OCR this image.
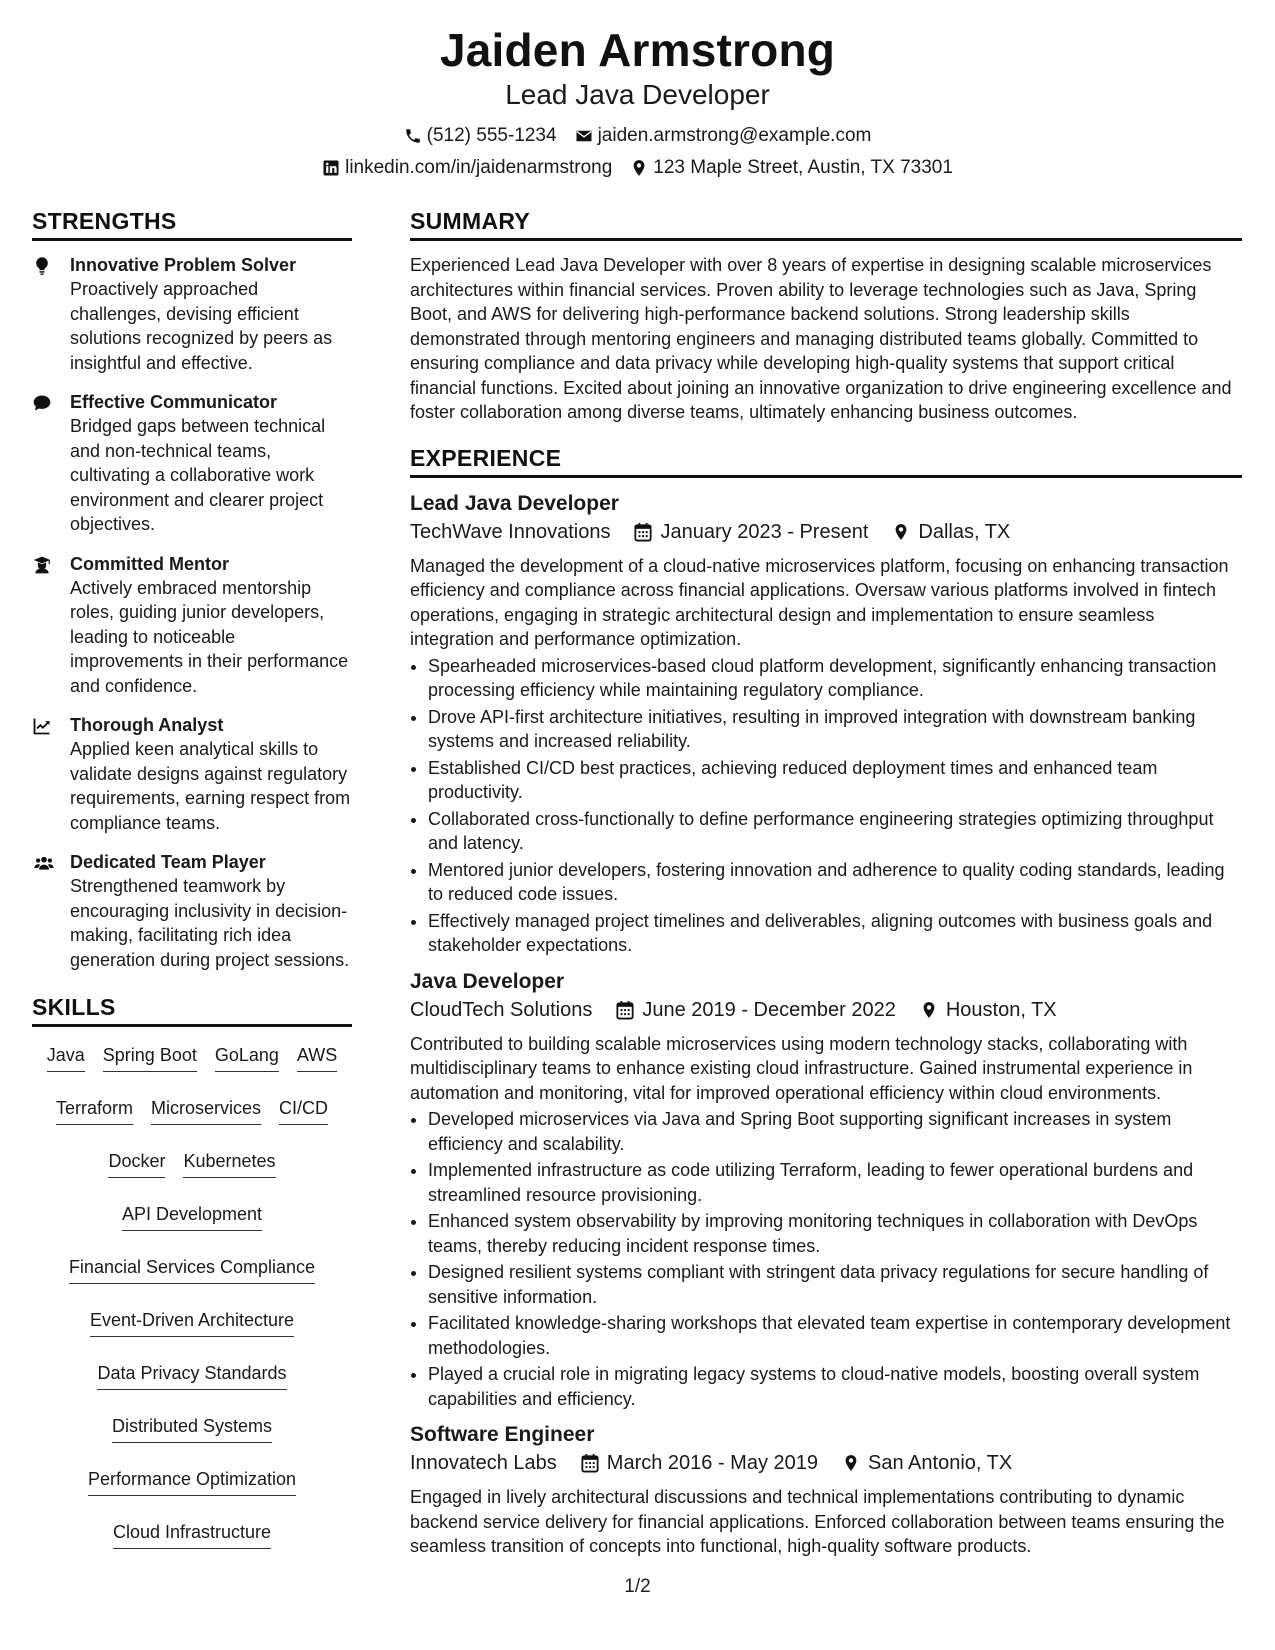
Jaiden Armstrong
Lead Java Developer
(512) 555-1234 jaiden.armstrong@example.com
linkedin.com/in/jaidenarmstrong 123 Maple Street, Austin, TX 73301
STRENGTHS
Innovative Problem Solver
Proactively approached challenges, devising efficient solutions recognized by peers as insightful and effective.
Effective Communicator
Bridged gaps between technical and non-technical teams, cultivating a collaborative work environment and clearer project objectives.
Committed Mentor
Actively embraced mentorship roles, guiding junior developers, leading to noticeable improvements in their performance and confidence.
Thorough Analyst
Applied keen analytical skills to validate designs against regulatory requirements, earning respect from compliance teams.
Dedicated Team Player
Strengthened teamwork by encouraging inclusivity in decision-making, facilitating rich idea generation during project sessions.
SKILLS
Java Spring Boot GoLang AWS
Terraform Microservices CI/CD
Docker Kubernetes
API Development
Financial Services Compliance
Event-Driven Architecture
Data Privacy Standards
Distributed Systems
Performance Optimization
Cloud Infrastructure
SUMMARY
Experienced Lead Java Developer with over 8 years of expertise in designing scalable microservices architectures within financial services. Proven ability to leverage technologies such as Java, Spring Boot, and AWS for delivering high-performance backend solutions. Strong leadership skills demonstrated through mentoring engineers and managing distributed teams globally. Committed to ensuring compliance and data privacy while developing high-quality systems that support critical financial functions. Excited about joining an innovative organization to drive engineering excellence and foster collaboration among diverse teams, ultimately enhancing business outcomes.
EXPERIENCE
Lead Java Developer
TechWave Innovations	January 2023 - Present	Dallas, TX
Managed the development of a cloud-native microservices platform, focusing on enhancing transaction efficiency and compliance across financial applications. Oversaw various platforms involved in fintech operations, engaging in strategic architectural design and implementation to ensure seamless integration and performance optimization.
• Spearheaded microservices-based cloud platform development, significantly enhancing transaction processing efficiency while maintaining regulatory compliance.
• Drove API-first architecture initiatives, resulting in improved integration with downstream banking systems and increased reliability.
• Established CI/CD best practices, achieving reduced deployment times and enhanced team productivity.
• Collaborated cross-functionally to define performance engineering strategies optimizing throughput and latency.
• Mentored junior developers, fostering innovation and adherence to quality coding standards, leading to reduced code issues.
• Effectively managed project timelines and deliverables, aligning outcomes with business goals and stakeholder expectations.
Java Developer
CloudTech Solutions	June 2019 - December 2022	Houston, TX
Contributed to building scalable microservices using modern technology stacks, collaborating with multidisciplinary teams to enhance existing cloud infrastructure. Gained instrumental experience in automation and monitoring, vital for improved operational efficiency within cloud environments.
• Developed microservices via Java and Spring Boot supporting significant increases in system efficiency and scalability.
• Implemented infrastructure as code utilizing Terraform, leading to fewer operational burdens and streamlined resource provisioning.
• Enhanced system observability by improving monitoring techniques in collaboration with DevOps teams, thereby reducing incident response times.
• Designed resilient systems compliant with stringent data privacy regulations for secure handling of sensitive information.
• Facilitated knowledge-sharing workshops that elevated team expertise in contemporary development methodologies.
• Played a crucial role in migrating legacy systems to cloud-native models, boosting overall system capabilities and efficiency.
Software Engineer
Innovatech Labs	March 2016 - May 2019	San Antonio, TX
Engaged in lively architectural discussions and technical implementations contributing to dynamic backend service delivery for financial applications. Enforced collaboration between teams ensuring the seamless transition of concepts into functional, high-quality software products.
1/2
